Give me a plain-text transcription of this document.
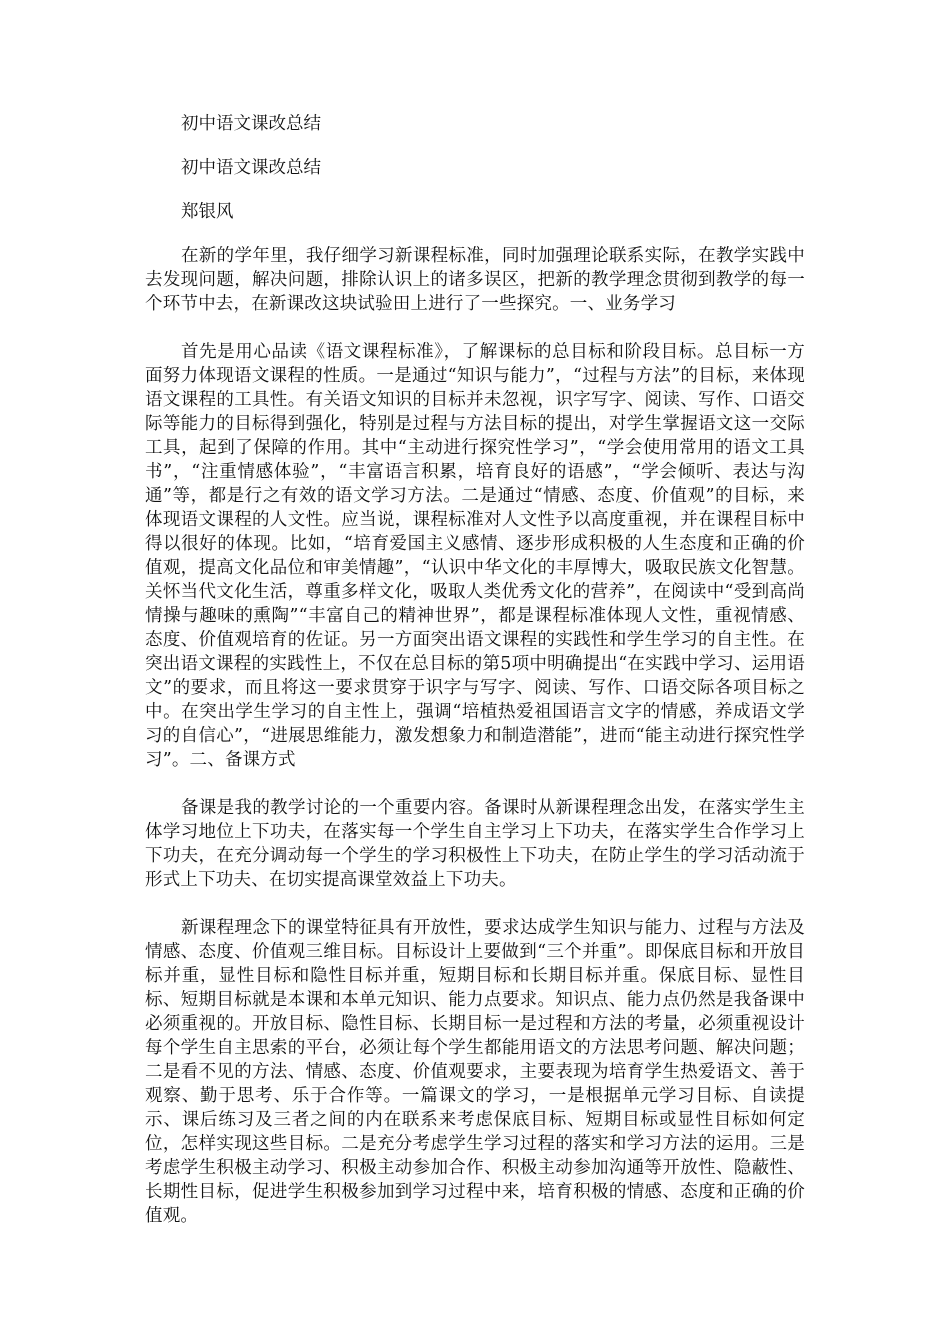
初中语文课改总结

初中语文课改总结

郑银风

在新的学年里，我仔细学习新课程标准，同时加强理论联系实际，在教学实践中去发现问题，解决问题，排除认识上的诸多误区，把新的教学理念贯彻到教学的每一个环节中去，在新课改这块试验田上进行了一些探究。一、业务学习

首先是用心品读《语文课程标准》，了解课标的总目标和阶段目标。总目标一方面努力体现语文课程的性质。一是通过“知识与能力”，“过程与方法”的目标，来体现语文课程的工具性。有关语文知识的目标并未忽视，识字写字、阅读、写作、口语交际等能力的目标得到强化，特别是过程与方法目标的提出，对学生掌握语文这一交际工具，起到了保障的作用。其中“主动进行探究性学习”，“学会使用常用的语文工具书”，“注重情感体验”，“丰富语言积累，培育良好的语感”，“学会倾听、表达与沟通”等，都是行之有效的语文学习方法。二是通过“情感、态度、价值观”的目标，来体现语文课程的人文性。应当说，课程标准对人文性予以高度重视，并在课程目标中得以很好的体现。比如，“培育爱国主义感情、逐步形成积极的人生态度和正确的价值观，提高文化品位和审美情趣”，“认识中华文化的丰厚博大，吸取民族文化智慧。关怀当代文化生活，尊重多样文化，吸取人类优秀文化的营养”，在阅读中“受到高尚情操与趣味的熏陶”“丰富自己的精神世界”，都是课程标准体现人文性，重视情感、态度、价值观培育的佐证。另一方面突出语文课程的实践性和学生学习的自主性。在突出语文课程的实践性上，不仅在总目标的第5项中明确提出“在实践中学习、运用语文”的要求，而且将这一要求贯穿于识字与写字、阅读、写作、口语交际各项目标之中。在突出学生学习的自主性上，强调“培植热爱祖国语言文字的情感，养成语文学习的自信心”，“进展思维能力，激发想象力和制造潜能”，进而“能主动进行探究性学习”。二、备课方式

备课是我的教学讨论的一个重要内容。备课时从新课程理念出发，在落实学生主体学习地位上下功夫，在落实每一个学生自主学习上下功夫，在落实学生合作学习上下功夫，在充分调动每一个学生的学习积极性上下功夫，在防止学生的学习活动流于形式上下功夫、在切实提高课堂效益上下功夫。

新课程理念下的课堂特征具有开放性，要求达成学生知识与能力、过程与方法及情感、态度、价值观三维目标。目标设计上要做到“三个并重”。即保底目标和开放目标并重，显性目标和隐性目标并重，短期目标和长期目标并重。保底目标、显性目标、短期目标就是本课和本单元知识、能力点要求。知识点、能力点仍然是我备课中必须重视的。开放目标、隐性目标、长期目标一是过程和方法的考量，必须重视设计每个学生自主思索的平台，必须让每个学生都能用语文的方法思考问题、解决问题；二是看不见的方法、情感、态度、价值观要求，主要表现为培育学生热爱语文、善于观察、勤于思考、乐于合作等。一篇课文的学习，一是根据单元学习目标、自读提示、课后练习及三者之间的内在联系来考虑保底目标、短期目标或显性目标如何定位，怎样实现这些目标。二是充分考虑学生学习过程的落实和学习方法的运用。三是考虑学生积极主动学习、积极主动参加合作、积极主动参加沟通等开放性、隐蔽性、长期性目标，促进学生积极参加到学习过程中来，培育积极的情感、态度和正确的价值观。
